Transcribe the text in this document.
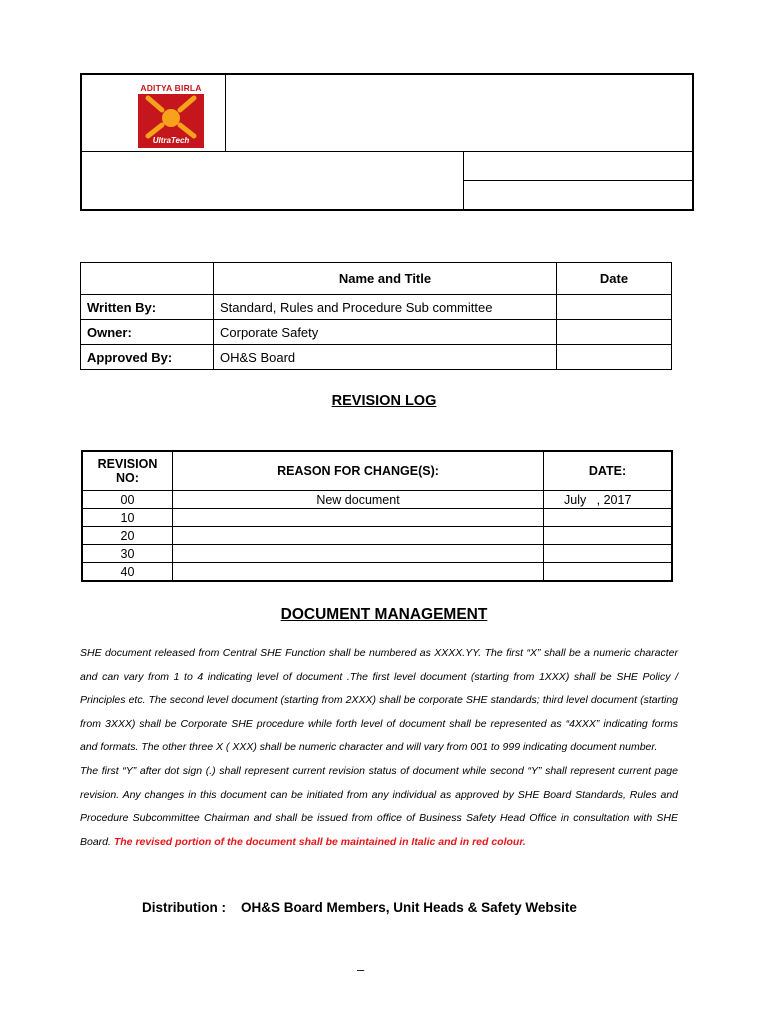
ADITYA BIRLA
UltraTech
	Name and Title	Date
Written By:	Standard, Rules and Procedure Sub committee	
Owner:	Corporate Safety	
Approved By:	OH&S Board	
REVISION LOG
REVISION NO:	REASON FOR CHANGE(S):	DATE:
00	New document	July   , 2017
10		
20		
30		
40		
DOCUMENT MANAGEMENT
SHE document released from Central SHE Function shall be numbered as XXXX.YY. The first “X” shall be a numeric character and can vary from 1 to 4 indicating level of document .The first level document (starting from 1XXX) shall be SHE Policy / Principles etc. The second level document (starting from 2XXX) shall be corporate SHE standards; third level document (starting from 3XXX) shall be Corporate SHE procedure while forth level of document shall be represented as “4XXX” indicating forms and formats. The other three X ( XXX) shall be numeric character and will vary from 001 to 999 indicating document number.
The first “Y” after dot sign (.) shall represent current revision status of document while second “Y” shall represent current page revision. Any changes in this document can be initiated from any individual as approved by SHE Board Standards, Rules and Procedure Subcommittee Chairman and shall be issued from office of Business Safety Head Office in consultation with SHE Board. The revised portion of the document shall be maintained in Italic and in red colour.
Distribution : OH&S Board Members, Unit Heads & Safety Website
–
